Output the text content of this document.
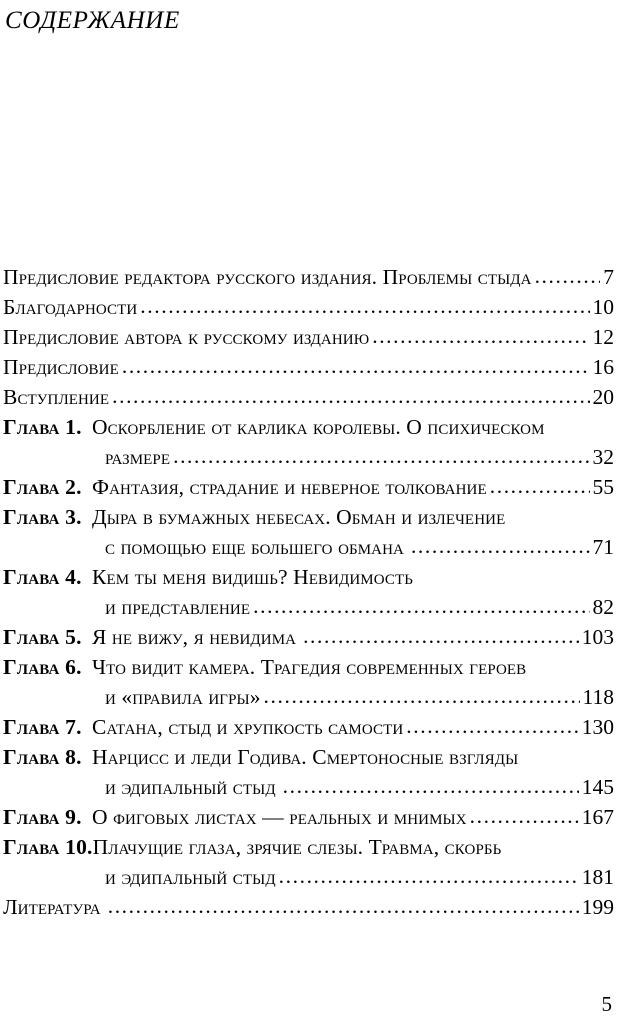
СОДЕРЖАНИЕ
Предисловие редактора русского издания. Проблемы стыда .....	7
Благодарности .....	10
Предисловие автора к русскому изданию .....	12
Предисловие .....	16
Вступление .....	20
Глава 1. Оскорбление от карлика королевы. О психическом
размере .....	32
Глава 2. Фантазия, страдание и неверное толкование .....	55
Глава 3. Дыра в бумажных небесах. Обман и излечение
с помощью еще большего обмана .....	71
Глава 4. Кем ты меня видишь? Невидимость
и представление .....	82
Глава 5. Я не вижу, я невидима .....	103
Глава 6. Что видит камера. Трагедия современных героев
и «правила игры» .....	118
Глава 7. Сатана, стыд и хрупкость самости .....	130
Глава 8. Нарцисс и леди Годива. Смертоносные взгляды
и эдипальный стыд .....	145
Глава 9. О фиговых листах — реальных и мнимых .....	167
Глава 10. Плачущие глаза, зрячие слезы. Травма, скорбь
и эдипальный стыд .....	181
Литература .....	199
5
